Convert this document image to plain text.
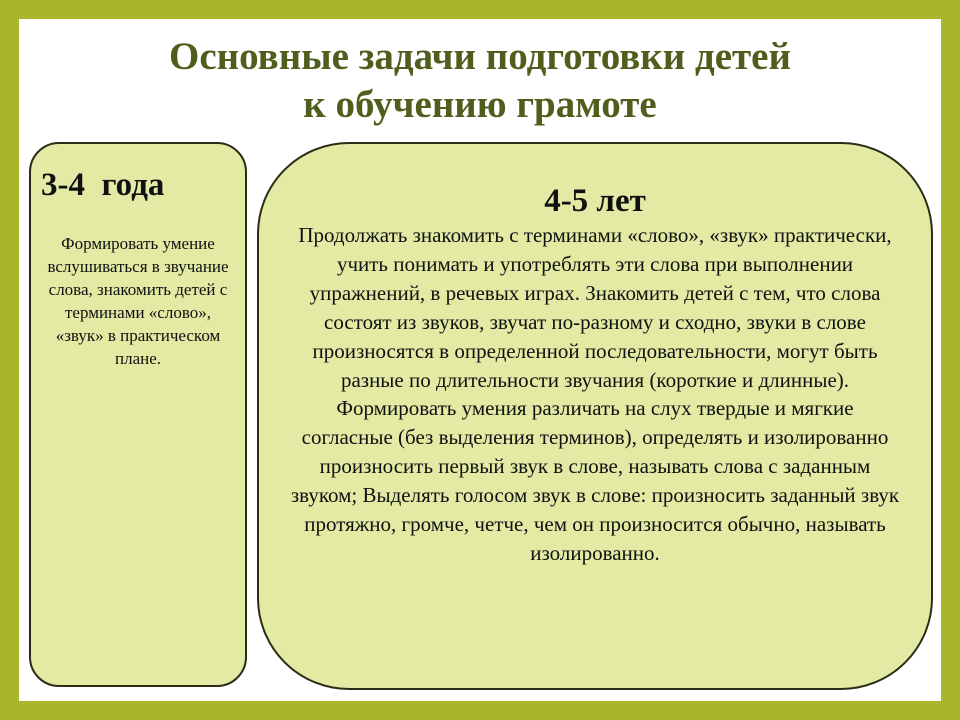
Основные задачи подготовки детей
к обучению грамоте
3-4  года

Формировать умение вслушиваться в звучание слова, знакомить детей с терминами «слово», «звук» в практическом плане.

4-5 лет

Продолжать знакомить с терминами «слово», «звук» практически, учить понимать и употреблять эти слова при выполнении упражнений, в речевых играх. Знакомить детей с тем, что слова состоят из звуков, звучат по-разному и сходно, звуки в слове произносятся в определенной последовательности, могут быть разные по длительности звучания (короткие и длинные). Формировать умения различать на слух твердые и мягкие согласные (без выделения терминов), определять и изолированно произносить первый звук в слове, называть слова с заданным звуком; Выделять голосом звук в слове: произносить заданный звук протяжно, громче, четче, чем он произносится обычно, называть изолированно.
